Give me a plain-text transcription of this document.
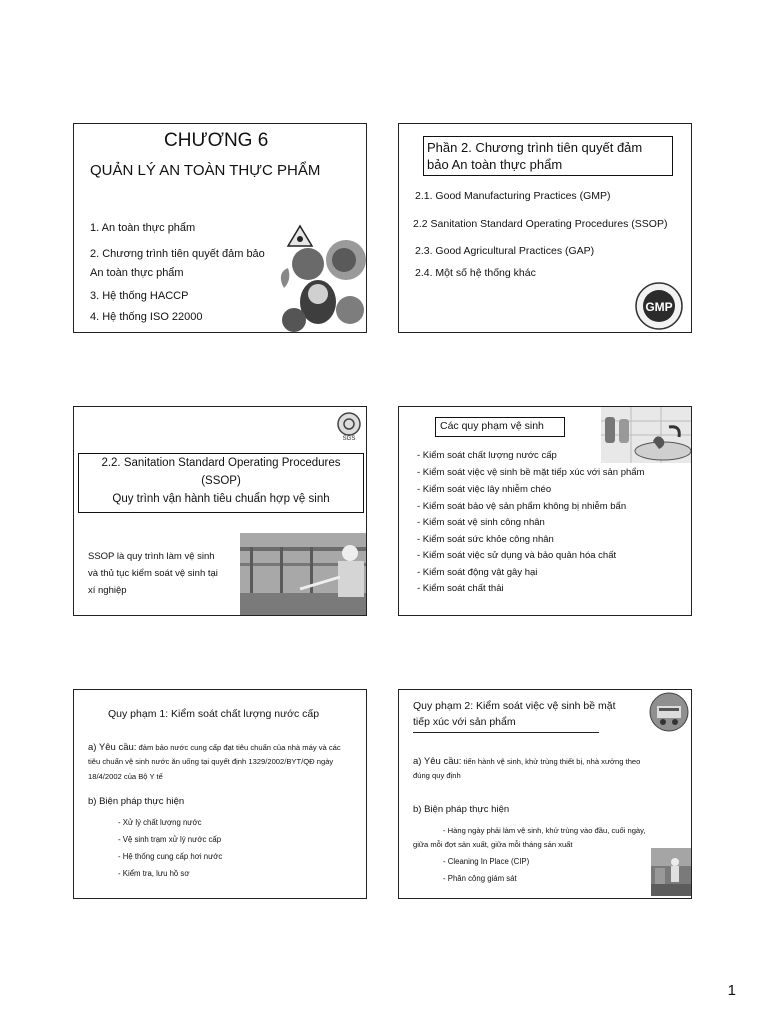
CHƯƠNG 6
QUẢN LÝ AN TOÀN THỰC PHẨM
1. An toàn thực phẩm
2. Chương trình tiên quyết đảm bảo
An toàn thực phẩm
3. Hệ thống HACCP
4. Hệ thống ISO 22000
Phần 2. Chương trình tiên quyết đảm
bảo An toàn thực phẩm
2.1. Good Manufacturing Practices (GMP)
2.2 Sanitation Standard Operating Procedures (SSOP)
2.3. Good Agricultural Practices (GAP)
2.4. Một số hệ thống khác
GMP
SGS
2.2. Sanitation Standard Operating Procedures
(SSOP)
Quy trình vận hành tiêu chuẩn hợp vệ sinh
SSOP là quy trình làm vệ sinh
và thủ tục kiểm soát vệ sinh tại
xí nghiệp
Các quy phạm vệ sinh
- Kiểm soát chất lượng nước cấp
- Kiểm soát việc vệ sinh bề mặt tiếp xúc với sản phẩm
- Kiểm soát việc lây nhiễm chéo
- Kiểm soát bảo vệ sản phẩm không bị nhiễm bẩn
- Kiểm soát vệ sinh công nhân
- Kiểm soát sức khỏe công nhân
- Kiểm soát việc sử dụng và bảo quản hóa chất
- Kiểm soát động vật gây hại
- Kiểm soát chất thải
Quy phạm 1: Kiểm soát chất lượng nước cấp
a) Yêu cầu: đảm bảo nước cung cấp đạt tiêu chuẩn của nhà máy và các
tiêu chuẩn vệ sinh nước ăn uống tại quyết định 1329/2002/BYT/QĐ ngày
18/4/2002 của Bộ Y tế
b) Biện pháp thực hiện
- Xử lý chất lượng nước
- Vệ sinh trạm xử lý nước cấp
- Hệ thống cung cấp hơi nước
- Kiểm tra, lưu hồ sơ
Quy phạm 2: Kiểm soát việc vệ sinh bề mặt
tiếp xúc với sản phẩm
a) Yêu cầu: tiến hành vệ sinh, khử trùng thiết bị, nhà xưởng theo
đúng quy định
b) Biện pháp thực hiện
- Hàng ngày phải làm vệ sinh, khử trùng vào đầu, cuối ngày,
giữa mỗi đợt sản xuất, giữa mỗi tháng sản xuất
- Cleaning In Place (CIP)
- Phân công giám sát
1
